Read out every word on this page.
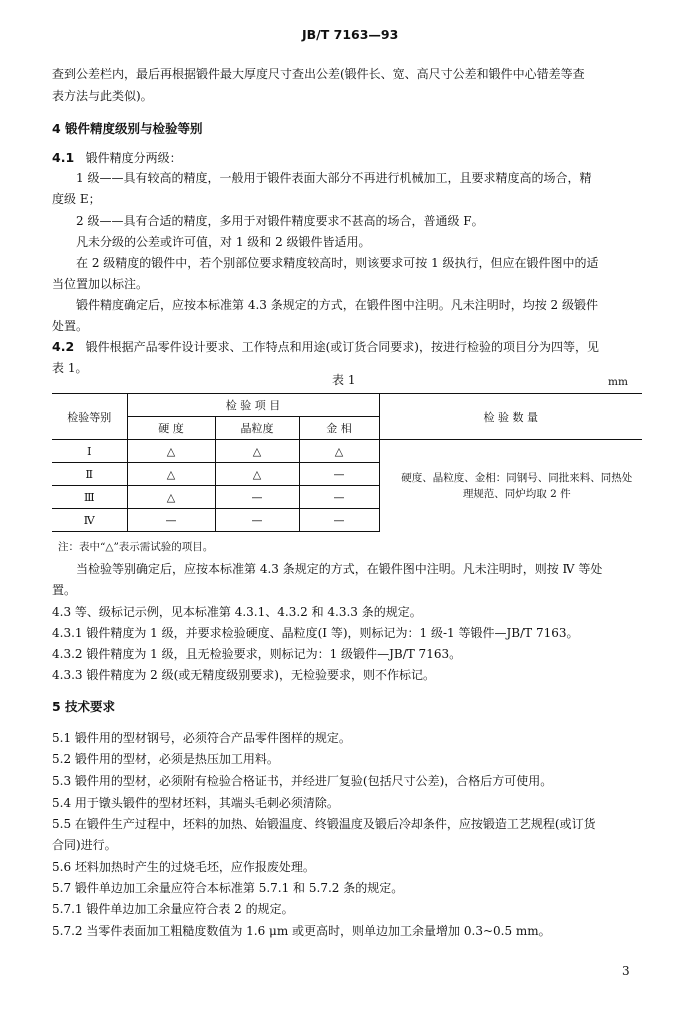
JB/T 7163—93
查到公差栏内，最后再根据锻件最大厚度尺寸查出公差(锻件长、宽、高尺寸公差和锻件中心错差等查
表方法与此类似)。
4 锻件精度级别与检验等别
4.1 锻件精度分两级：
1 级——具有较高的精度，一般用于锻件表面大部分不再进行机械加工，且要求精度高的场合，精
度级 E；
2 级——具有合适的精度，多用于对锻件精度要求不甚高的场合，普通级 F。
凡未分级的公差或许可值，对 1 级和 2 级锻件皆适用。
在 2 级精度的锻件中，若个别部位要求精度较高时，则该要求可按 1 级执行，但应在锻件图中的适
当位置加以标注。
锻件精度确定后，应按本标准第 4.3 条规定的方式，在锻件图中注明。凡未注明时，均按 2 级锻件
处置。
4.2 锻件根据产品零件设计要求、工作特点和用途(或订货合同要求)，按进行检验的项目分为四等，见
表 1。
表 1	mm
检验等别	检 验 项 目			检 验 数 量
	硬 度	晶粒度	金 相	
Ⅰ	△	△	△	硬度、晶粒度、金相：同钢号、同批来料、同热处
理规范、同炉均取 2 件

Ⅱ	△	△	—	
Ⅲ	△	—	—	
Ⅳ	—	—	—	
注：表中“△”表示需试验的项目。
当检验等别确定后，应按本标准第 4.3 条规定的方式，在锻件图中注明。凡未注明时，则按 Ⅳ 等处
置。
4.3 等、级标记示例，见本标准第 4.3.1、4.3.2 和 4.3.3 条的规定。
4.3.1 锻件精度为 1 级，并要求检验硬度、晶粒度(Ⅰ 等)，则标记为：1 级-1 等锻件—JB/T 7163。
4.3.2 锻件精度为 1 级，且无检验要求，则标记为：1 级锻件—JB/T 7163。
4.3.3 锻件精度为 2 级(或无精度级别要求)，无检验要求，则不作标记。
5 技术要求
5.1 锻件用的型材钢号，必须符合产品零件图样的规定。
5.2 锻件用的型材，必须是热压加工用料。
5.3 锻件用的型材，必须附有检验合格证书，并经进厂复验(包括尺寸公差)，合格后方可使用。
5.4 用于镦头锻件的型材坯料，其端头毛刺必须清除。
5.5 在锻件生产过程中，坯料的加热、始锻温度、终锻温度及锻后冷却条件，应按锻造工艺规程(或订货
合同)进行。
5.6 坯料加热时产生的过烧毛坯，应作报废处理。
5.7 锻件单边加工余量应符合本标准第 5.7.1 和 5.7.2 条的规定。
5.7.1 锻件单边加工余量应符合表 2 的规定。
5.7.2 当零件表面加工粗糙度数值为 1.6 μm 或更高时，则单边加工余量增加 0.3~0.5 mm。
3
